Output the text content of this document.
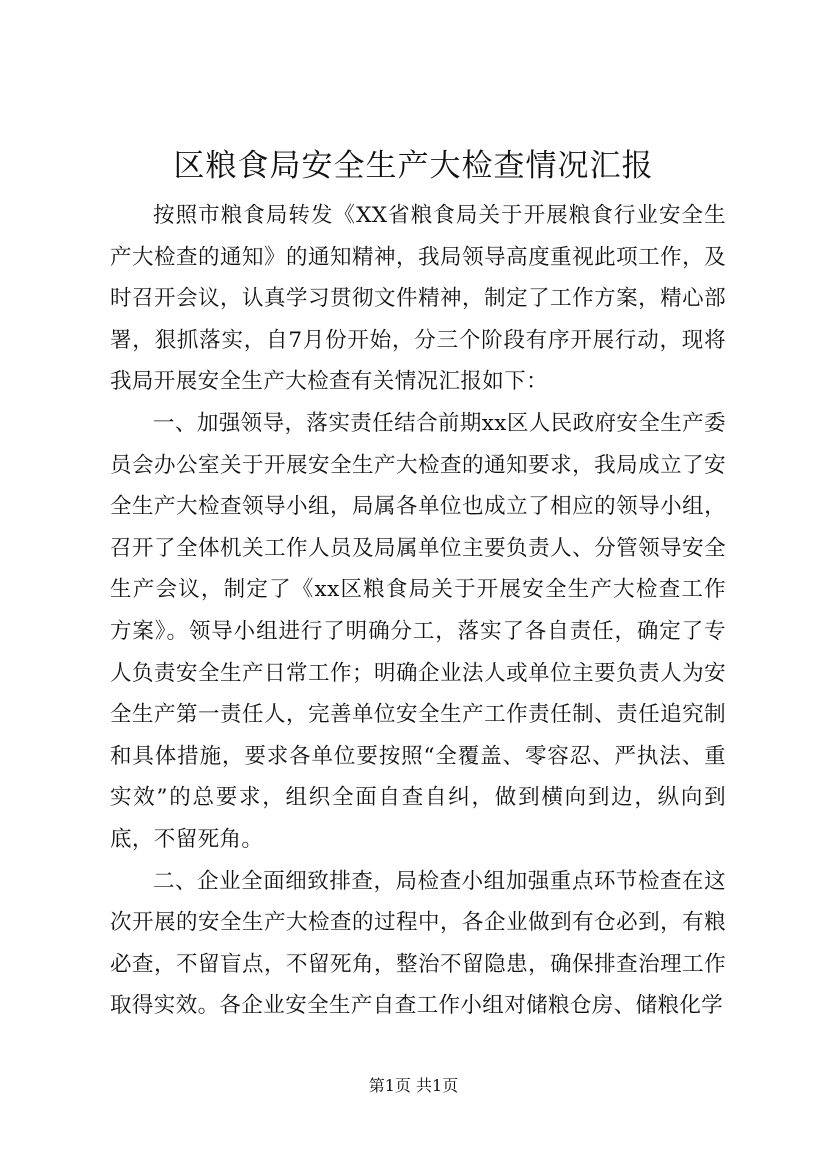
区粮食局安全生产大检查情况汇报

按照市粮食局转发《XX省粮食局关于开展粮食行业安全生产大检查的通知》的通知精神，我局领导高度重视此项工作，及时召开会议，认真学习贯彻文件精神，制定了工作方案，精心部署，狠抓落实，自7月份开始，分三个阶段有序开展行动，现将我局开展安全生产大检查有关情况汇报如下：

一、加强领导，落实责任结合前期xx区人民政府安全生产委员会办公室关于开展安全生产大检查的通知要求，我局成立了安全生产大检查领导小组，局属各单位也成立了相应的领导小组，召开了全体机关工作人员及局属单位主要负责人、分管领导安全生产会议，制定了《xx区粮食局关于开展安全生产大检查工作方案》。领导小组进行了明确分工，落实了各自责任，确定了专人负责安全生产日常工作；明确企业法人或单位主要负责人为安全生产第一责任人，完善单位安全生产工作责任制、责任追究制和具体措施，要求各单位要按照“全覆盖、零容忍、严执法、重实效”的总要求，组织全面自查自纠，做到横向到边，纵向到底，不留死角。

二、企业全面细致排查，局检查小组加强重点环节检查在这次开展的安全生产大检查的过程中，各企业做到有仓必到，有粮必查，不留盲点，不留死角，整治不留隐患，确保排查治理工作取得实效。各企业安全生产自查工作小组对储粮仓房、储粮化学

第1页 共1页
